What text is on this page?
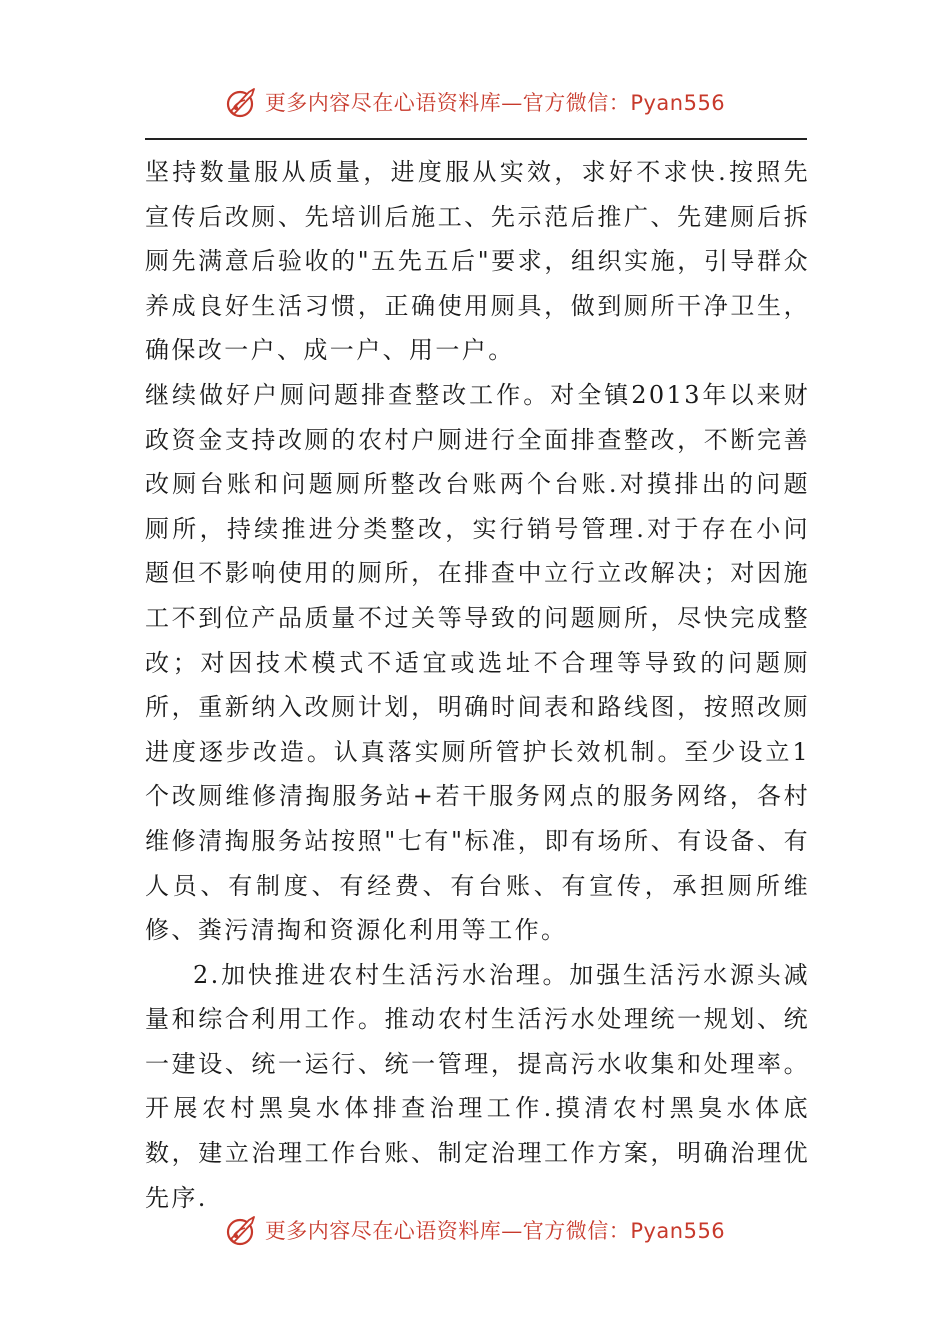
更多内容尽在心语资料库—官方微信：Pyan556

坚持数量服从质量，进度服从实效，求好不求快.按照先宣传后改厕、先培训后施工、先示范后推广、先建厕后拆厕先满意后验收的"五先五后"要求，组织实施，引导群众养成良好生活习惯，正确使用厕具，做到厕所干净卫生，确保改一户、成一户、用一户。

继续做好户厕问题排查整改工作。对全镇2013年以来财政资金支持改厕的农村户厕进行全面排查整改，不断完善改厕台账和问题厕所整改台账两个台账.对摸排出的问题厕所，持续推进分类整改，实行销号管理.对于存在小问题但不影响使用的厕所，在排查中立行立改解决；对因施工不到位产品质量不过关等导致的问题厕所，尽快完成整改；对因技术模式不适宜或选址不合理等导致的问题厕所，重新纳入改厕计划，明确时间表和路线图，按照改厕进度逐步改造。认真落实厕所管护长效机制。至少设立1个改厕维修清掏服务站+若干服务网点的服务网络，各村维修清掏服务站按照"七有"标准，即有场所、有设备、有人员、有制度、有经费、有台账、有宣传，承担厕所维修、粪污清掏和资源化利用等工作。

2.加快推进农村生活污水治理。加强生活污水源头减量和综合利用工作。推动农村生活污水处理统一规划、统一建设、统一运行、统一管理，提高污水收集和处理率。开展农村黑臭水体排查治理工作.摸清农村黑臭水体底数，建立治理工作台账、制定治理工作方案，明确治理优先序.

更多内容尽在心语资料库—官方微信：Pyan556
